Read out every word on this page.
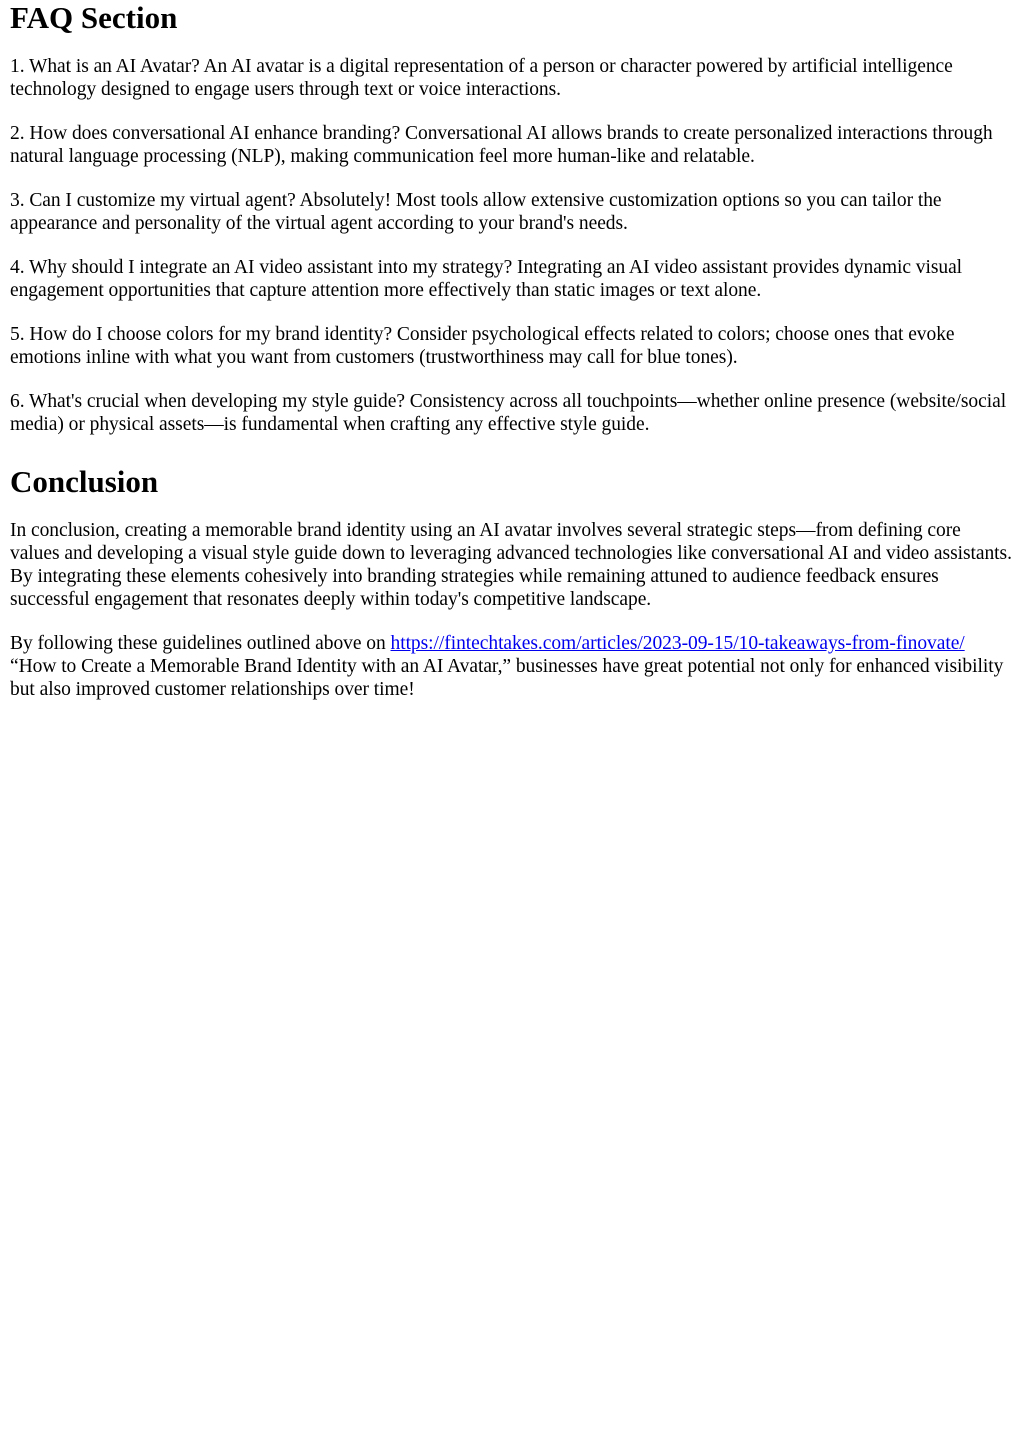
FAQ Section

1. What is an AI Avatar? An AI avatar is a digital representation of a person or character powered by artificial intelligence technology designed to engage users through text or voice interactions.

2. How does conversational AI enhance branding? Conversational AI allows brands to create personalized interactions through natural language processing (NLP), making communication feel more human-like and relatable.

3. Can I customize my virtual agent? Absolutely! Most tools allow extensive customization options so you can tailor the appearance and personality of the virtual agent according to your brand's needs.

4. Why should I integrate an AI video assistant into my strategy? Integrating an AI video assistant provides dynamic visual engagement opportunities that capture attention more effectively than static images or text alone.

5. How do I choose colors for my brand identity? Consider psychological effects related to colors; choose ones that evoke emotions inline with what you want from customers (trustworthiness may call for blue tones).

6. What's crucial when developing my style guide? Consistency across all touchpoints—whether online presence (website/social media) or physical assets—is fundamental when crafting any effective style guide.

Conclusion

In conclusion, creating a memorable brand identity using an AI avatar involves several strategic steps—from defining core values and developing a visual style guide down to leveraging advanced technologies like conversational AI and video assistants. By integrating these elements cohesively into branding strategies while remaining attuned to audience feedback ensures successful engagement that resonates deeply within today's competitive landscape.

By following these guidelines outlined above on https://fintechtakes.com/articles/2023-09-15/10-takeaways-from-finovate/ “How to Create a Memorable Brand Identity with an AI Avatar,” businesses have great potential not only for enhanced visibility but also improved customer relationships over time!
